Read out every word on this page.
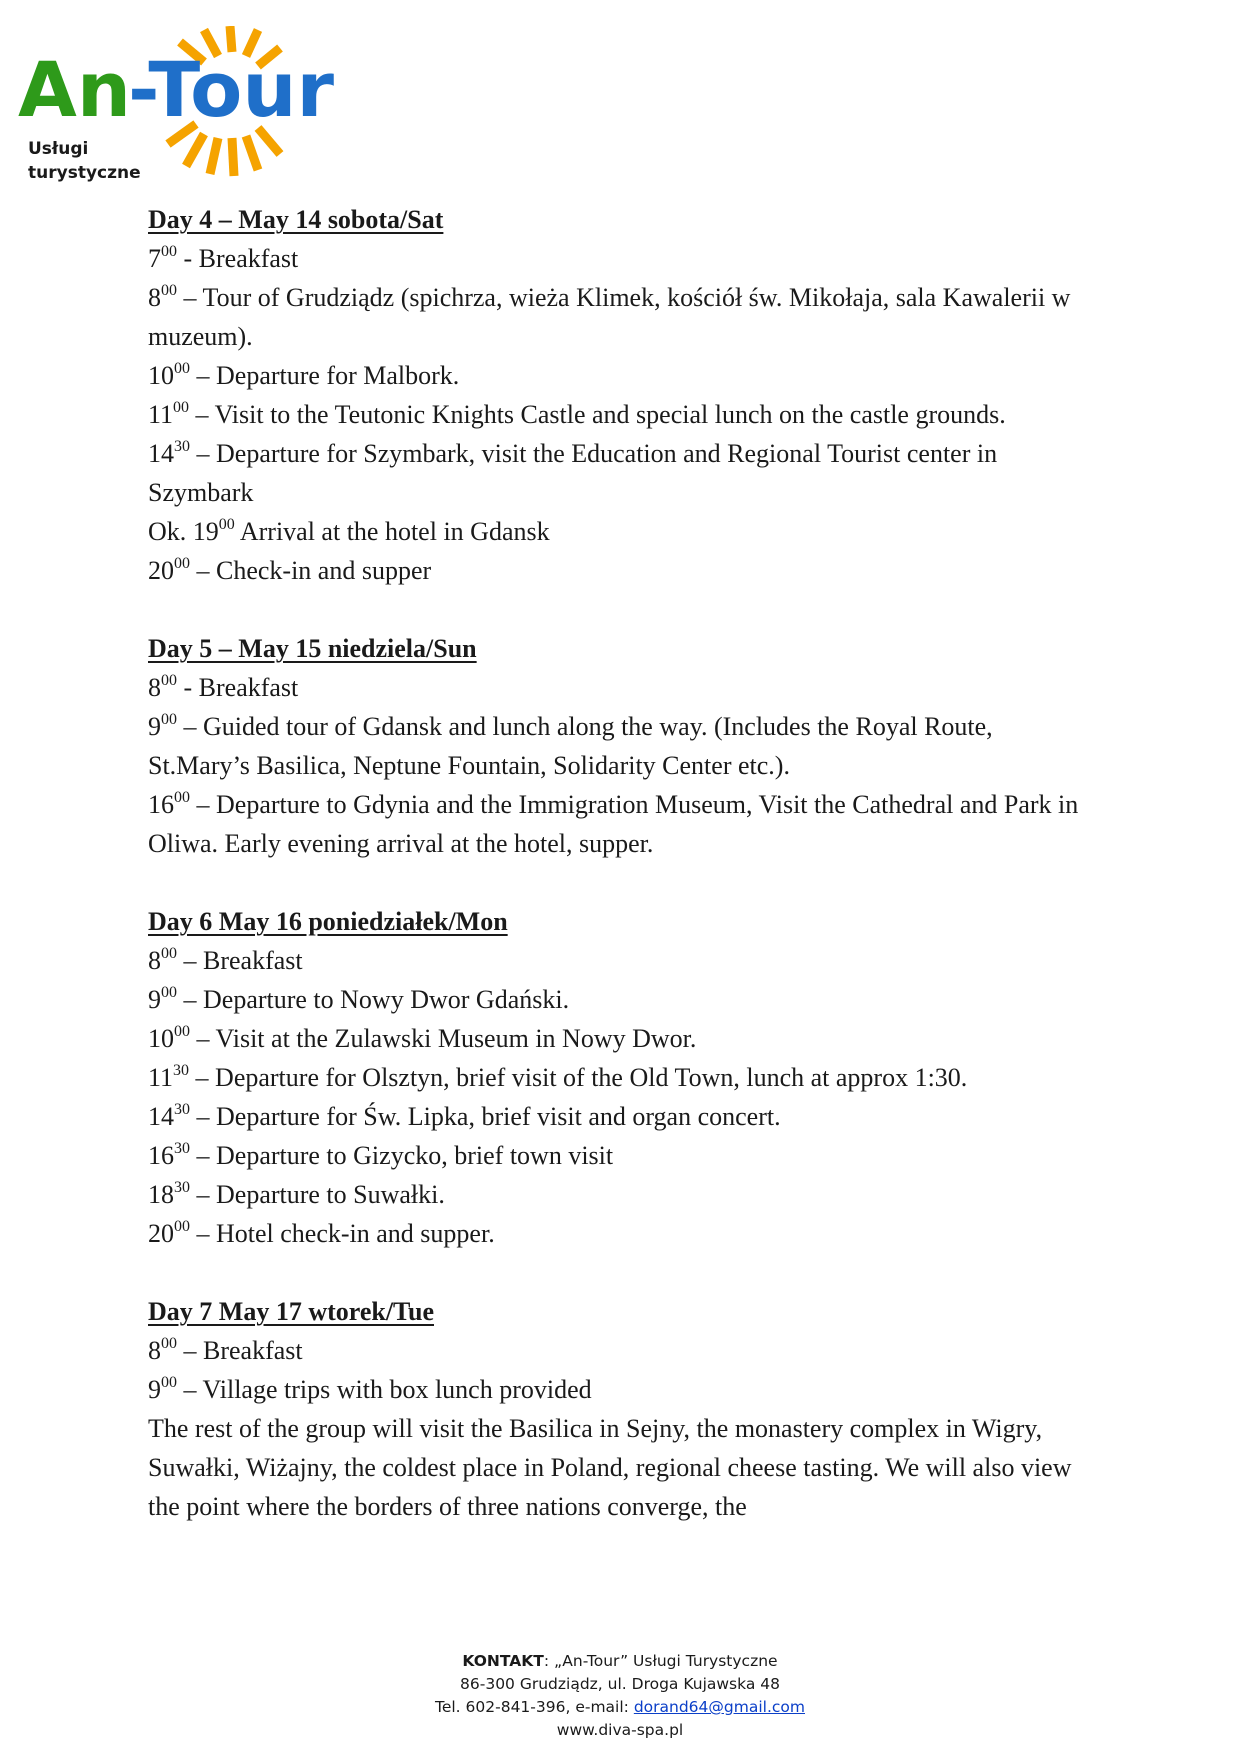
An
-Tour
Usługi
turystyczne
Day 4 – May 14 sobota/Sat

$7^{00}$ - Breakfast

$8^{00}$ – Tour of Grudziądz (spichrza, wieża Klimek, kościół św. Mikołaja, sala Kawalerii w muzeum).

$10^{00}$ – Departure for Malbork.

$11^{00}$ – Visit to the Teutonic Knights Castle and special lunch on the castle grounds.

$14^{30}$ – Departure for Szymbark, visit the Education and Regional Tourist center in Szymbark

Ok. $19^{00}$ Arrival at the hotel in Gdansk

$20^{00}$ – Check-in and supper

Day 5 – May 15 niedziela/Sun

$8^{00}$ - Breakfast

$9^{00}$ – Guided tour of Gdansk and lunch along the way. (Includes the Royal Route, St.Mary’s Basilica, Neptune Fountain, Solidarity Center etc.).

$16^{00}$ – Departure to Gdynia and the Immigration Museum, Visit the Cathedral and Park in Oliwa. Early evening arrival at the hotel, supper.

Day 6 May 16 poniedziałek/Mon

$8^{00}$ – Breakfast

$9^{00}$ – Departure to Nowy Dwor Gdański.

$10^{00}$ – Visit at the Zulawski Museum in Nowy Dwor.

$11^{30}$ – Departure for Olsztyn, brief visit of the Old Town, lunch at approx 1:30.

$14^{30}$ – Departure for Św. Lipka, brief visit and organ concert.

$16^{30}$ – Departure to Gizycko, brief town visit

$18^{30}$ – Departure to Suwałki.

$20^{00}$ – Hotel check-in and supper.

Day 7 May 17 wtorek/Tue

$8^{00}$ – Breakfast

$9^{00}$ – Village trips with box lunch provided

The rest of the group will visit the Basilica in Sejny, the monastery complex in Wigry, Suwałki, Wiżajny, the coldest place in Poland, regional cheese tasting. We will also view the point where the borders of three nations converge, the

KONTAKT: „An-Tour” Usługi Turystyczne
86-300 Grudziądz, ul. Droga Kujawska 48
Tel. 602-841-396, e-mail: dorand64@gmail.com
www.diva-spa.pl
